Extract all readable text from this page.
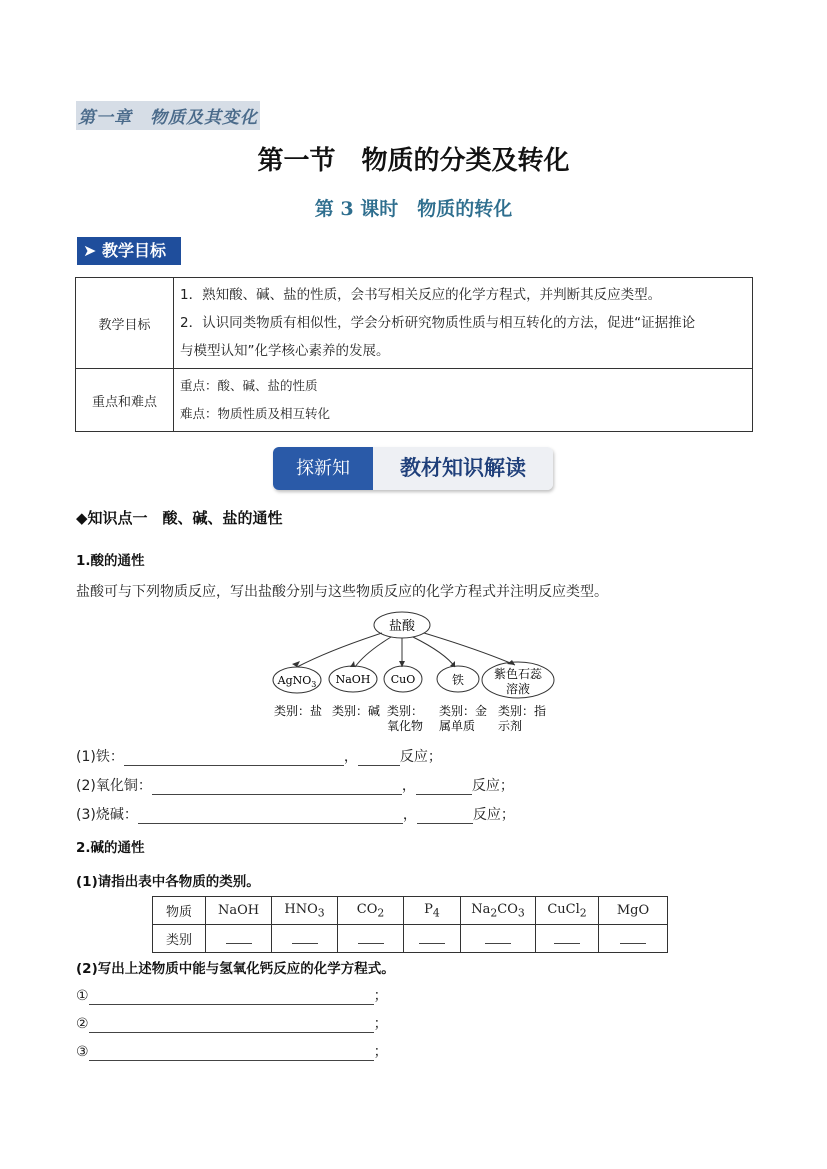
第一章　物质及其变化
第一节　物质的分类及转化
第 3 课时　物质的转化
➤ 教学目标
教学目标	1．熟知酸、碱、盐的性质，会书写相关反应的化学方程式，并判断其反应类型。
2．认识同类物质有相似性，学会分析研究物质性质与相互转化的方法，促进“证据推论
与模型认知”化学核心素养的发展。

重点和难点	重点：酸、碱、盐的性质
难点：物质性质及相互转化
探新知	教材知识解读
◆知识点一　酸、碱、盐的通性
1.酸的通性
盐酸可与下列物质反应，写出盐酸分别与这些物质反应的化学方程式并注明反应类型。
盐酸
AgNO$_3$ NaOH CuO	铁 紫色石蕊
溶液
类别：盐 类别：碱 类别：
氧化物
类别：金
属单质
类别：指
示剂
(1)铁：	，	反应；
(2)氧化铜：	，	反应；
(3)烧碱：	，	反应；
2.碱的通性
(1)请指出表中各物质的类别。
物质	NaOH	$HNO_3$	$CO_2$	$P_4$	$Na_2CO_3$	CuCl$_2$	MgO
类别							
(2)写出上述物质中能与氢氧化钙反应的化学方程式。
①	；
②	；
③	；
